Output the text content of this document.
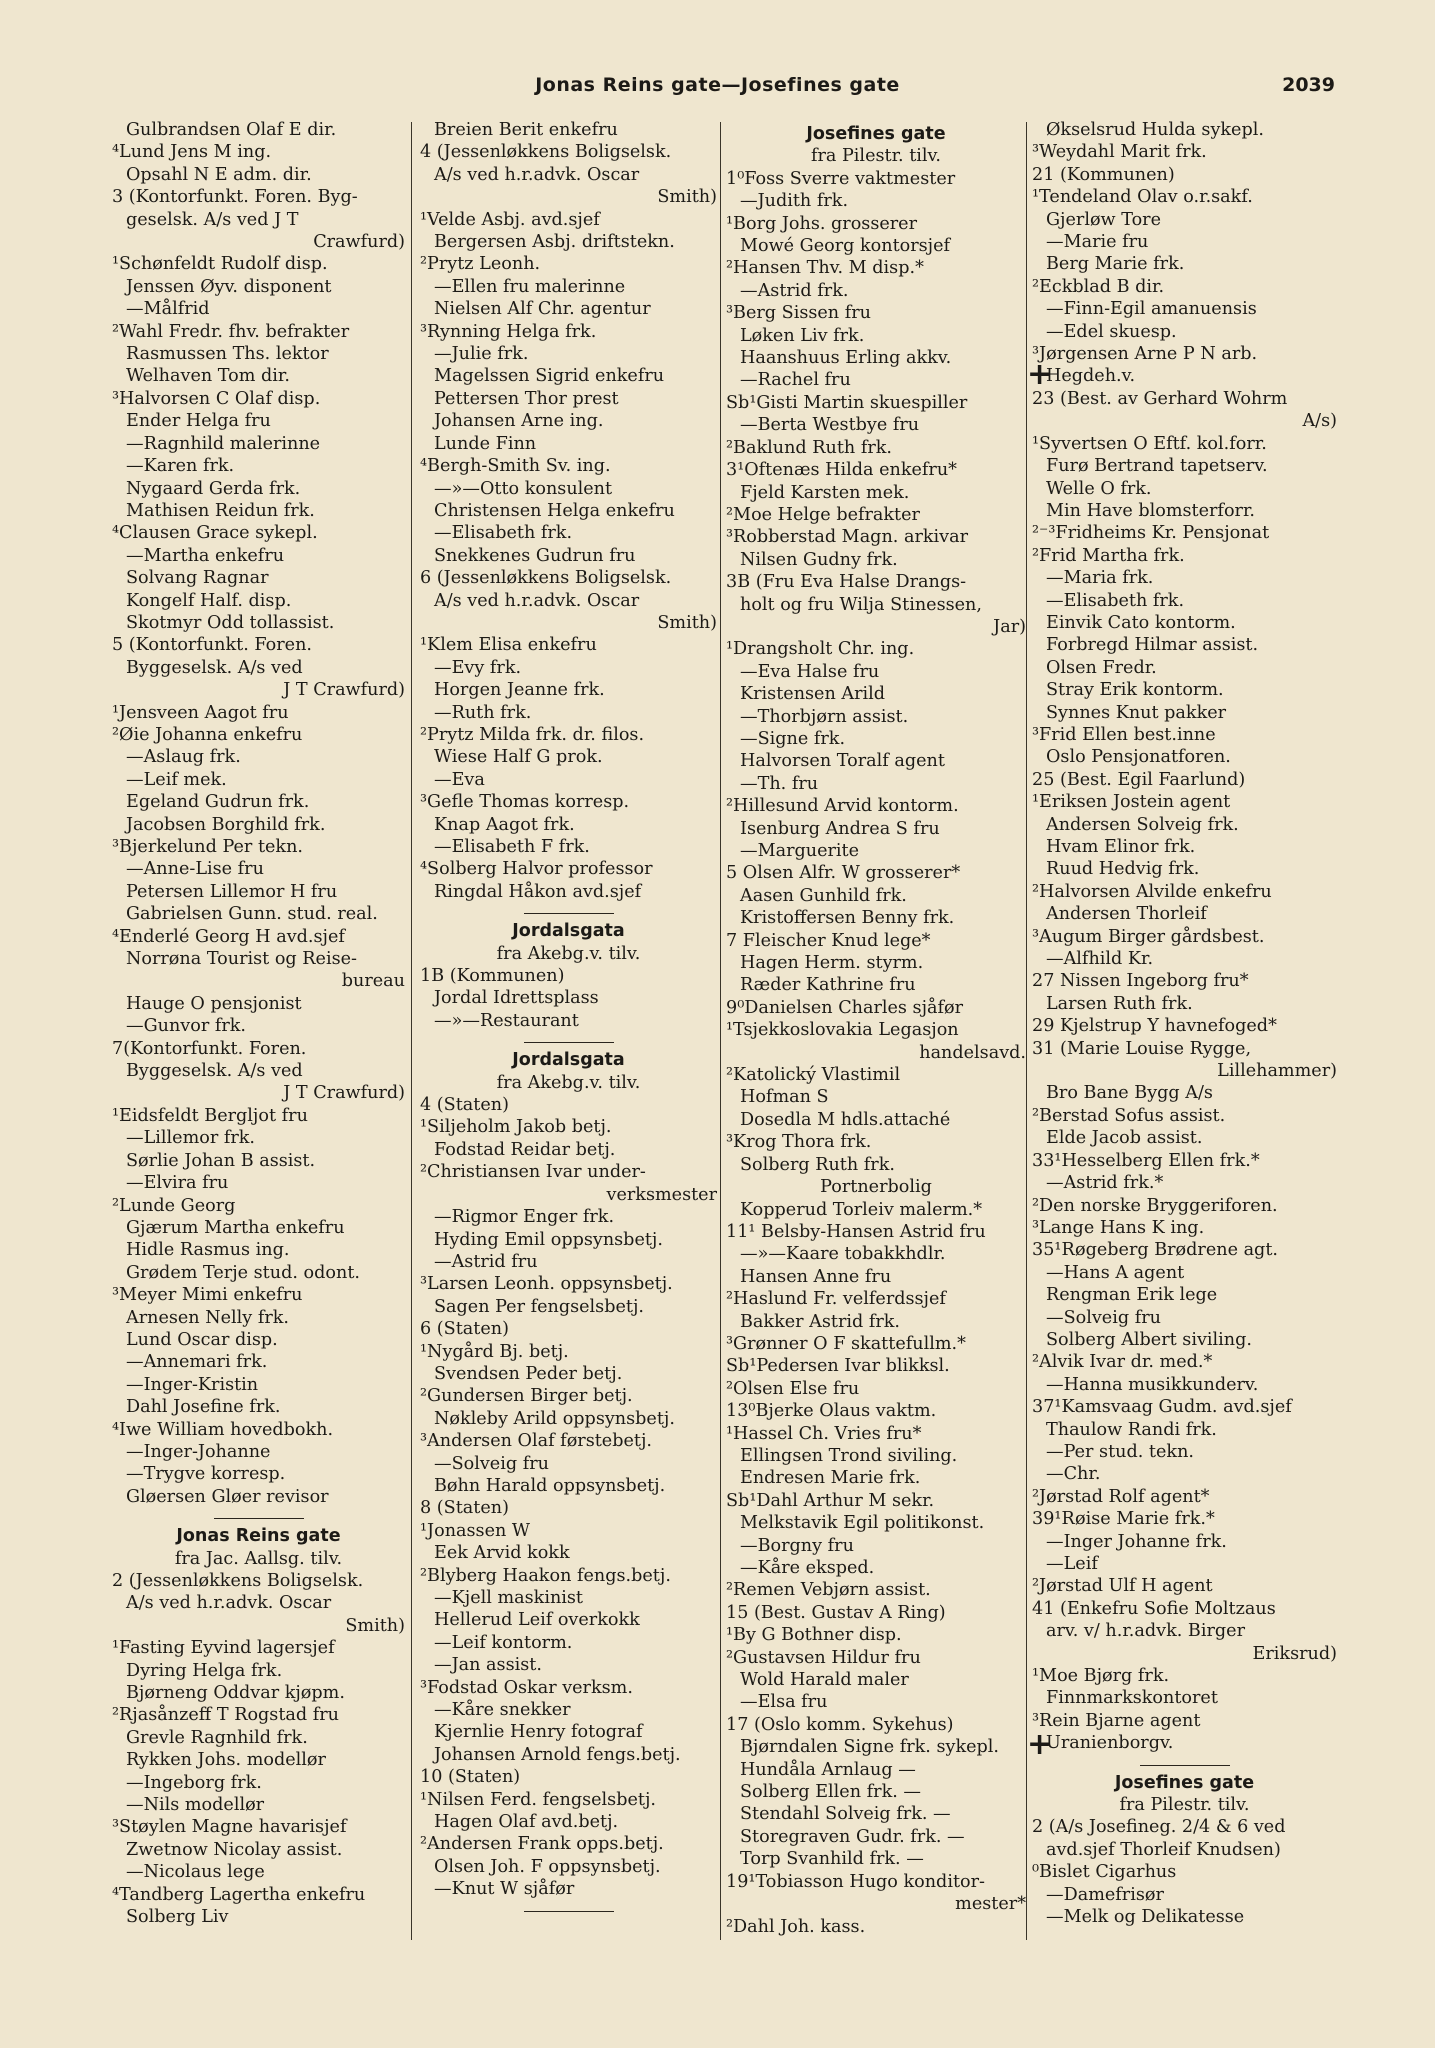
Jonas Reins gate—Josefines gate	2039
Gulbrandsen Olaf E dir.
⁴Lund Jens M ing.
Opsahl N E adm. dir.
3 (Kontorfunkt. Foren. Byg-
geselsk. A/s ved J T
Crawfurd)
¹Schønfeldt Rudolf disp.
Jenssen Øyv. disponent
—Målfrid
²Wahl Fredr. fhv. befrakter
Rasmussen Ths. lektor
Welhaven Tom dir.
³Halvorsen C Olaf disp.
Ender Helga fru
—Ragnhild malerinne
—Karen frk.
Nygaard Gerda frk.
Mathisen Reidun frk.
⁴Clausen Grace sykepl.
—Martha enkefru
Solvang Ragnar
Kongelf Half. disp.
Skotmyr Odd tollassist.
5 (Kontorfunkt. Foren.
Byggeselsk. A/s ved
J T Crawfurd)
¹Jensveen Aagot fru
²Øie Johanna enkefru
—Aslaug frk.
—Leif mek.
Egeland Gudrun frk.
Jacobsen Borghild frk.
³Bjerkelund Per tekn.
—Anne-Lise fru
Petersen Lillemor H fru
Gabrielsen Gunn. stud. real.
⁴Enderlé Georg H avd.sjef
Norrøna Tourist og Reise-
bureau
Hauge O pensjonist
—Gunvor frk.
7(Kontorfunkt. Foren.
Byggeselsk. A/s ved
J T Crawfurd)
¹Eidsfeldt Bergljot fru
—Lillemor frk.
Sørlie Johan B assist.
—Elvira fru
²Lunde Georg
Gjærum Martha enkefru
Hidle Rasmus ing.
Grødem Terje stud. odont.
³Meyer Mimi enkefru
Arnesen Nelly frk.
Lund Oscar disp.
—Annemari frk.
—Inger-Kristin
Dahl Josefine frk.
⁴Iwe William hovedbokh.
—Inger-Johanne
—Trygve korresp.
Gløersen Gløer revisor
Jonas Reins gate
fra Jac. Aallsg. tilv.
2 (Jessenløkkens Boligselsk.
A/s ved h.r.advk. Oscar
Smith)
¹Fasting Eyvind lagersjef
Dyring Helga frk.
Bjørneng Oddvar kjøpm.
²Rjasånzeff T Rogstad fru
Grevle Ragnhild frk.
Rykken Johs. modellør
—Ingeborg frk.
—Nils modellør
³Støylen Magne havarisjef
Zwetnow Nicolay assist.
—Nicolaus lege
⁴Tandberg Lagertha enkefru
Solberg Liv
Breien Berit enkefru
4 (Jessenløkkens Boligselsk.
A/s ved h.r.advk. Oscar
Smith)
¹Velde Asbj. avd.sjef
Bergersen Asbj. driftstekn.
²Prytz Leonh.
—Ellen fru malerinne
Nielsen Alf Chr. agentur
³Rynning Helga frk.
—Julie frk.
Magelssen Sigrid enkefru
Pettersen Thor prest
Johansen Arne ing.
Lunde Finn
⁴Bergh-Smith Sv. ing.
—»—Otto konsulent
Christensen Helga enkefru
—Elisabeth frk.
Snekkenes Gudrun fru
6 (Jessenløkkens Boligselsk.
A/s ved h.r.advk. Oscar
Smith)
¹Klem Elisa enkefru
—Evy frk.
Horgen Jeanne frk.
—Ruth frk.
²Prytz Milda frk. dr. filos.
Wiese Half G prok.
—Eva
³Gefle Thomas korresp.
Knap Aagot frk.
—Elisabeth F frk.
⁴Solberg Halvor professor
Ringdal Håkon avd.sjef
Jordalsgata
fra Akebg.v. tilv.
1B (Kommunen)
Jordal Idrettsplass
—»—Restaurant
Jordalsgata
fra Akebg.v. tilv.
4 (Staten)
¹Siljeholm Jakob betj.
Fodstad Reidar betj.
²Christiansen Ivar under-
verksmester
—Rigmor Enger frk.
Hyding Emil oppsynsbetj.
—Astrid fru
³Larsen Leonh. oppsynsbetj.
Sagen Per fengselsbetj.
6 (Staten)
¹Nygård Bj. betj.
Svendsen Peder betj.
²Gundersen Birger betj.
Nøkleby Arild oppsynsbetj.
³Andersen Olaf førstebetj.
—Solveig fru
Bøhn Harald oppsynsbetj.
8 (Staten)
¹Jonassen W
Eek Arvid kokk
²Blyberg Haakon fengs.betj.
—Kjell maskinist
Hellerud Leif overkokk
—Leif kontorm.
—Jan assist.
³Fodstad Oskar verksm.
—Kåre snekker
Kjernlie Henry fotograf
Johansen Arnold fengs.betj.
10 (Staten)
¹Nilsen Ferd. fengselsbetj.
Hagen Olaf avd.betj.
²Andersen Frank opps.betj.
Olsen Joh. F oppsynsbetj.
—Knut W sjåfør
Josefines gate
fra Pilestr. tilv.
1⁰Foss Sverre vaktmester
—Judith frk.
¹Borg Johs. grosserer
Mowé Georg kontorsjef
²Hansen Thv. M disp.*
—Astrid frk.
³Berg Sissen fru
Løken Liv frk.
Haanshuus Erling akkv.
—Rachel fru
Sb¹Gisti Martin skuespiller
—Berta Westbye fru
²Baklund Ruth frk.
3¹Oftenæs Hilda enkefru*
Fjeld Karsten mek.
²Moe Helge befrakter
³Robberstad Magn. arkivar
Nilsen Gudny frk.
3B (Fru Eva Halse Drangs-
holt og fru Wilja Stinessen,
Jar)
¹Drangsholt Chr. ing.
—Eva Halse fru
Kristensen Arild
—Thorbjørn assist.
—Signe frk.
Halvorsen Toralf agent
—Th. fru
²Hillesund Arvid kontorm.
Isenburg Andrea S fru
—Marguerite
5 Olsen Alfr. W grosserer*
Aasen Gunhild frk.
Kristoffersen Benny frk.
7 Fleischer Knud lege*
Hagen Herm. styrm.
Ræder Kathrine fru
9⁰Danielsen Charles sjåfør
¹Tsjekkoslovakia Legasjon
handelsavd.
²Katolický Vlastimil
Hofman S
Dosedla M hdls.attaché
³Krog Thora frk.
Solberg Ruth frk.
Portnerbolig
Kopperud Torleiv malerm.*
11¹ Belsby-Hansen Astrid fru
—»—Kaare tobakkhdlr.
Hansen Anne fru
²Haslund Fr. velferdssjef
Bakker Astrid frk.
³Grønner O F skattefullm.*
Sb¹Pedersen Ivar blikksl.
²Olsen Else fru
13⁰Bjerke Olaus vaktm.
¹Hassel Ch. Vries fru*
Ellingsen Trond siviling.
Endresen Marie frk.
Sb¹Dahl Arthur M sekr.
Melkstavik Egil politikonst.
—Borgny fru
—Kåre eksped.
²Remen Vebjørn assist.
15 (Best. Gustav A Ring)
¹By G Bothner disp.
²Gustavsen Hildur fru
Wold Harald maler
—Elsa fru
17 (Oslo komm. Sykehus)
Bjørndalen Signe frk. sykepl.
Hundåla Arnlaug —
Solberg Ellen frk. —
Stendahl Solveig frk. —
Storegraven Gudr. frk. —
Torp Svanhild frk. —
19¹Tobiasson Hugo konditor-
mester*
²Dahl Joh. kass.
Økselsrud Hulda sykepl.
³Weydahl Marit frk.
21 (Kommunen)
¹Tendeland Olav o.r.sakf.
Gjerløw Tore
—Marie fru
Berg Marie frk.
²Eckblad B dir.
—Finn-Egil amanuensis
—Edel skuesp.
³Jørgensen Arne P N arb.
Hegdeh.v.
23 (Best. av Gerhard Wohrm
A/s)
¹Syvertsen O Eftf. kol.forr.
Furø Bertrand tapetserv.
Welle O frk.
Min Have blomsterforr.
²⁻³Fridheims Kr. Pensjonat
²Frid Martha frk.
—Maria frk.
—Elisabeth frk.
Einvik Cato kontorm.
Forbregd Hilmar assist.
Olsen Fredr.
Stray Erik kontorm.
Synnes Knut pakker
³Frid Ellen best.inne
Oslo Pensjonatforen.
25 (Best. Egil Faarlund)
¹Eriksen Jostein agent
Andersen Solveig frk.
Hvam Elinor frk.
Ruud Hedvig frk.
²Halvorsen Alvilde enkefru
Andersen Thorleif
³Augum Birger gårdsbest.
—Alfhild Kr.
27 Nissen Ingeborg fru*
Larsen Ruth frk.
29 Kjelstrup Y havnefoged*
31 (Marie Louise Rygge,
Lillehammer)
Bro Bane Bygg A/s
²Berstad Sofus assist.
Elde Jacob assist.
33¹Hesselberg Ellen frk.*
—Astrid frk.*
²Den norske Bryggeriforen.
³Lange Hans K ing.
35¹Røgeberg Brødrene agt.
—Hans A agent
Rengman Erik lege
—Solveig fru
Solberg Albert siviling.
²Alvik Ivar dr. med.*
—Hanna musikkunderv.
37¹Kamsvaag Gudm. avd.sjef
Thaulow Randi frk.
—Per stud. tekn.
—Chr.
²Jørstad Rolf agent*
39¹Røise Marie frk.*
—Inger Johanne frk.
—Leif
²Jørstad Ulf H agent
41 (Enkefru Sofie Moltzaus
arv. v/ h.r.advk. Birger
Eriksrud)
¹Moe Bjørg frk.
Finnmarkskontoret
³Rein Bjarne agent
Uranienborgv.
Josefines gate
fra Pilestr. tilv.
2 (A/s Josefineg. 2/4 & 6 ved
avd.sjef Thorleif Knudsen)
⁰Bislet Cigarhus
—Damefrisør
—Melk og Delikatesse
+
+
